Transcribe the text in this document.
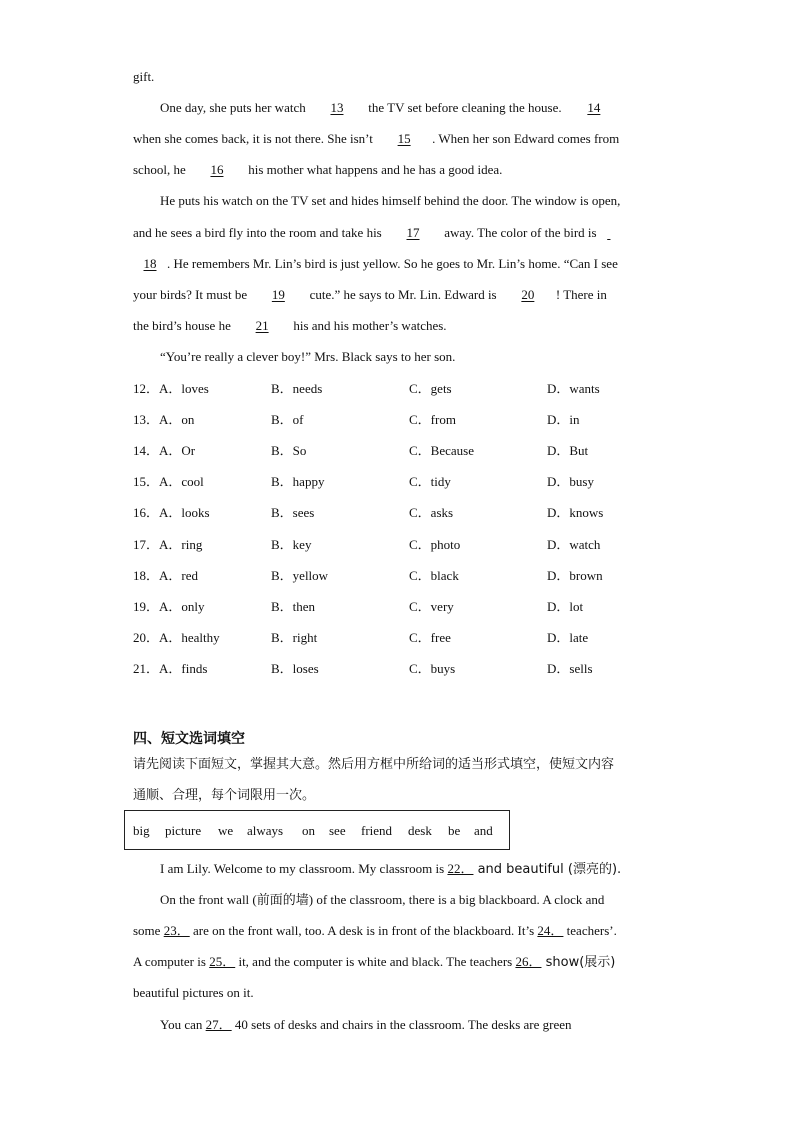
gift.
One day, she puts her watch 13 the TV set before cleaning the house. 14
when she comes back, it is not there. She isn’t 15 . When her son Edward comes from
school, he 16 his mother what happens and he has a good idea.
He puts his watch on the TV set and hides himself behind the door. The window is open,
and he sees a bird fly into the room and take his 17 away. The color of the bird is
18 . He remembers Mr. Lin’s bird is just yellow. So he goes to Mr. Lin’s home. “Can I see
your birds? It must be 19 cute.” he says to Mr. Lin. Edward is 20 ! There in
the bird’s house he 21 his and his mother’s watches.
“You’re really a clever boy!” Mrs. Black says to her son.
12． A．loves	B．needs	C．gets	D．wants
13． A．on	B．of	C．from	D．in
14． A．Or	B．So	C．Because	D．But
15． A．cool	B．happy	C．tidy	D．busy
16． A．looks	B．sees	C．asks	D．knows
17． A．ring	B．key	C．photo	D．watch
18． A．red	B．yellow	C．black	D．brown
19． A．only	B．then	C．very	D．lot
20． A．healthy	B．right	C．free	D．late
21． A．finds	B．loses	C．buys	D．sells
四、短文选词填空
请先阅读下面短文，掌握其大意。然后用方框中所给词的适当形式填空，使短文内容
通顺、合理，每个词限用一次。
big picture we always on see friend desk be and
I am Lily. Welcome to my classroom. My classroom is 22． and beautiful (漂亮的).
On the front wall (前面的墙) of the classroom, there is a big blackboard. A clock and
some 23． are on the front wall, too. A desk is in front of the blackboard. It’s 24． teachers’.
A computer is 25． it, and the computer is white and black. The teachers 26． show(展示)
beautiful pictures on it.
You can 27． 40 sets of desks and chairs in the classroom. The desks are green
